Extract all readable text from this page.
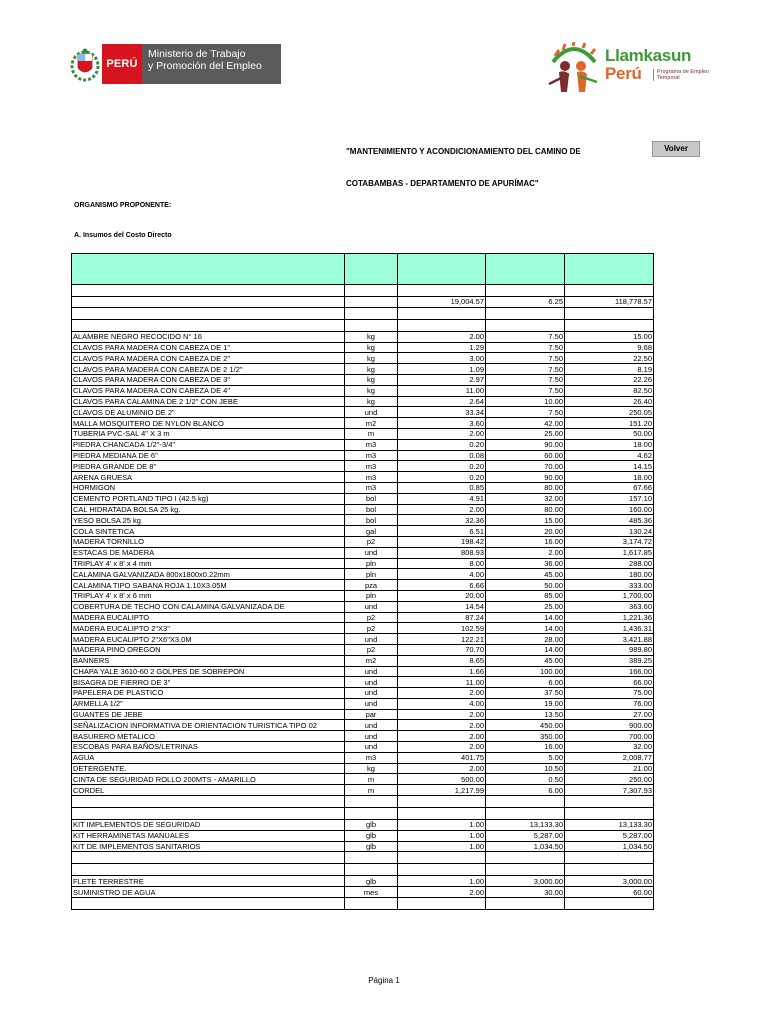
PERÚ
Ministerio de Trabajo
y Promoción del Empleo
Llamkasun
Perú	Programa de Empleo Temporal
"MANTENIMIENTO Y ACONDICIONAMIENTO DEL CAMINO DE	Volver
COTABAMBAS - DEPARTAMENTO DE APURÍMAC"
ORGANISMO PROPONENTE:
A. Insumos del Costo Directo

		19,004.57	6.25	118,778.57

ALAMBRE NEGRO RECOCIDO N° 16	kg	2.00	7.50	15.00
CLAVOS PARA MADERA CON CABEZA DE 1"	kg	1.29	7.50	9.68
CLAVOS PARA MADERA CON CABEZA DE 2"	kg	3.00	7.50	22.50
CLAVOS PARA MADERA CON CABEZA DE 2 1/2"	kg	1.09	7.50	8.19
CLAVOS PARA MADERA CON CABEZA DE 3"	kg	2.97	7.50	22.26
CLAVOS PARA MADERA CON CABEZA DE 4"	kg	11.00	7.50	82.50
CLAVOS PARA CALAMINA DE 2 1/2" CON JEBE	kg	2.64	10.00	26.40
CLAVOS DE ALUMINIO DE 2"	und	33.34	7.50	250.05
MALLA MOSQUITERO DE NYLON BLANCO	m2	3.60	42.00	151.20
TUBERIA PVC-SAL 4" X 3 m	m	2.00	25.00	50.00
PIEDRA CHANCADA 1/2"-3/4"	m3	0.20	90.00	18.00
PIEDRA MEDIANA DE 6"	m3	0.08	60.00	4.62
PIEDRA GRANDE DE 8"	m3	0.20	70.00	14.15
ARENA GRUESA	m3	0.20	90.00	18.00
HORMIGON	m3	0.85	80.00	67.66
CEMENTO PORTLAND TIPO I (42.5 kg)	bol	4.91	32.00	157.10
CAL HIDRATADA BOLSA 25 kg.	bol	2.00	80.00	160.00
YESO BOLSA 25 kg	bol	32.36	15.00	485.36
COLA SINTETICA	gal	6.51	20.00	130.24
MADERA TORNILLO	p2	198.42	16.00	3,174.72
ESTACAS DE MADERA	und	808.93	2.00	1,617.85
TRIPLAY 4' x 8' x 4 mm	pln	8.00	36.00	288.00
CALAMINA GALVANIZADA 800x1800x0.22mm	pln	4.00	45.00	180.00
CALAMINA TIPO SABANA ROJA 1.10X3.05M	pza	6.66	50.00	333.00
TRIPLAY 4' x 8' x 6 mm	pln	20.00	85.00	1,700.00
COBERTURA DE TECHO CON CALAMINA GALVANIZADA DE	und	14.54	25.00	363.60
MADERA EUCALIPTO	p2	87.24	14.00	1,221.36
MADERA EUCALIPTO 2"X3"	p2	102.59	14.00	1,436.31
MADERA EUCALIPTO 2"X6"X3.0M	und	122.21	28.00	3,421.88
MADERA PINO OREGON	p2	70.70	14.00	989.80
BANNERS	m2	8.65	45.00	389.25
CHAPA YALE 3610-60 2 GOLPES DE SOBREPON	und	1.66	100.00	166.00
BISAGRA DE FIERRO DE 3"	und	11.00	6.00	66.00
PAPELERA DE PLASTICO	und	2.00	37.50	75.00
ARMELLA 1/2"	und	4.00	19.00	76.00
GUANTES DE JEBE	par	2.00	13.50	27.00
SEÑALIZACION INFORMATIVA DE ORIENTACION TURISTICA TIPO 02	und	2.00	450.00	900.00
BASURERO METALICO	und	2.00	350.00	700.00
ESCOBAS PARA BAÑOS/LETRINAS	und	2.00	16.00	32.00
AGUA	m3	401.75	5.00	2,008.77
DETERGENTE.	kg	2.00	10.50	21.00
CINTA DE SEGURIDAD ROLLO 200MTS - AMARILLO	m	500.00	0.50	250.00
CORDEL	m	1,217.99	6.00	7,307.93

KIT IMPLEMENTOS DE SEGURIDAD	glb	1.00	13,133.30	13,133.30
KIT HERRAMINETAS MANUALES	glb	1.00	5,287.00	5,287.00
KIT DE IMPLEMENTOS SANITARIOS	glb	1.00	1,034.50	1,034.50

FLETE TERRESTRE	glb	1.00	3,000.00	3,000.00
SUMINISTRO DE AGUA	mes	2.00	30.00	60.00

Página 1
